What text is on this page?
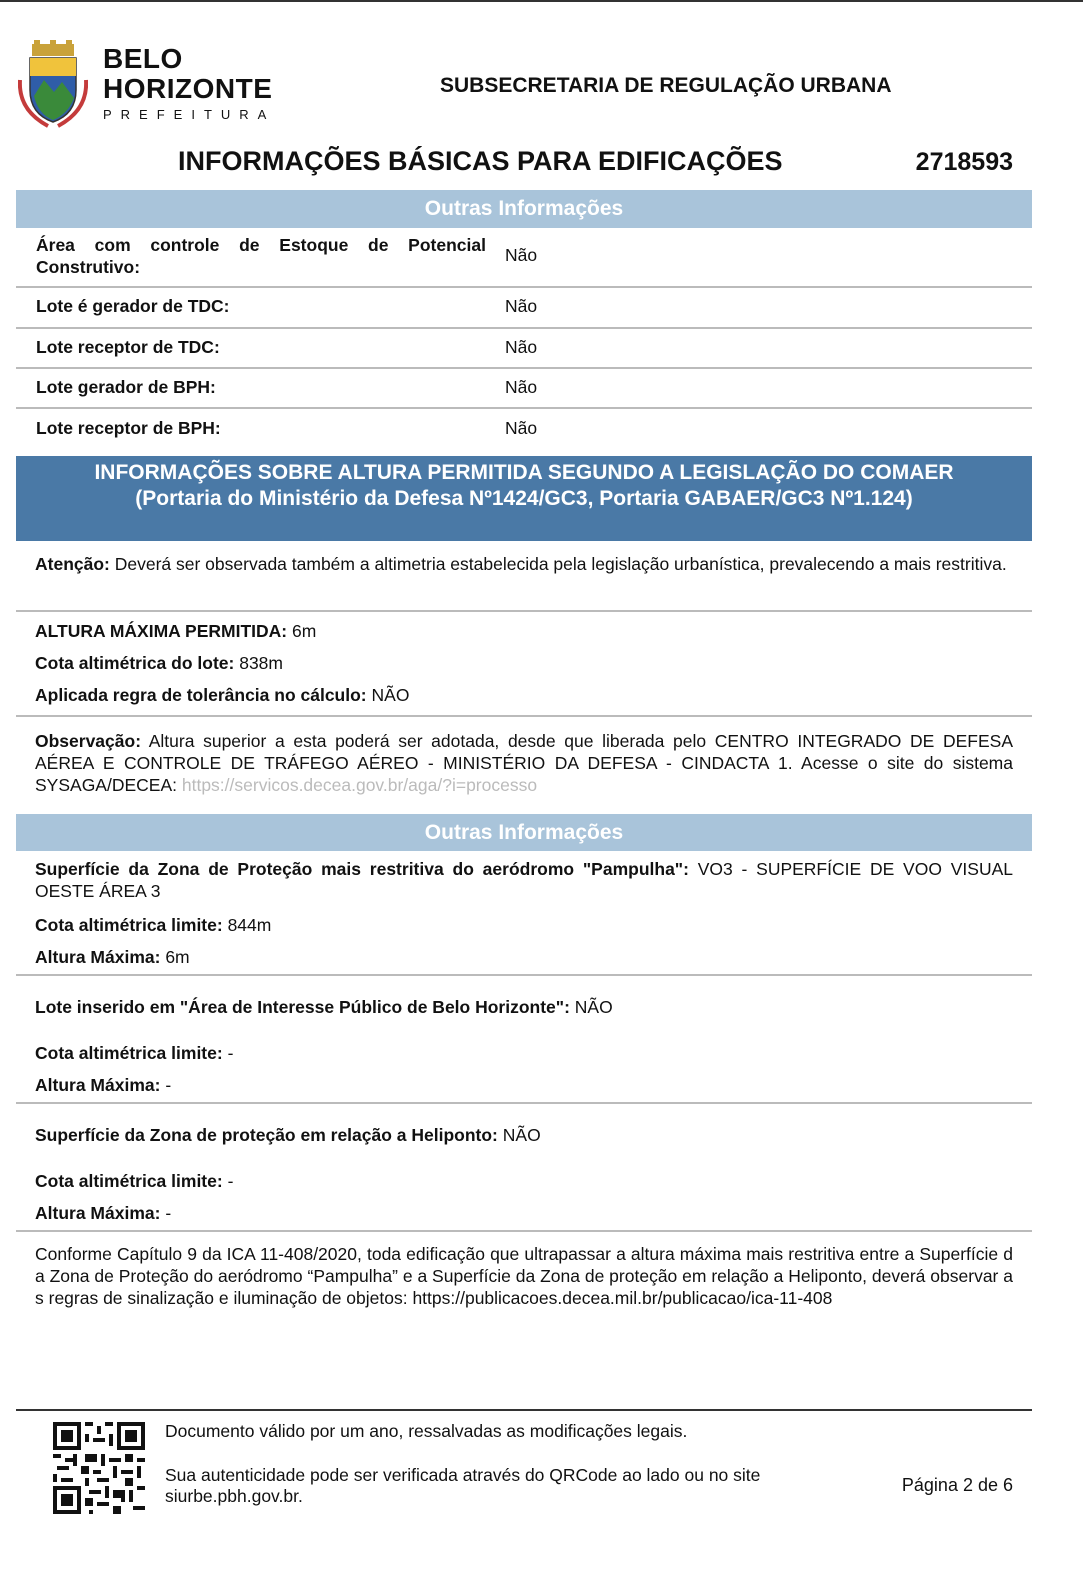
BELO
HORIZONTE
PREFEITURA
SUBSECRETARIA DE REGULAÇÃO URBANA
INFORMAÇÕES BÁSICAS PARA EDIFICAÇÕES	2718593
Outras Informações
Área com controle de Estoque de Potencial Construtivo:
Não
Lote é gerador de TDC:	Não
Lote receptor de TDC:	Não
Lote gerador de BPH:	Não
Lote receptor de BPH:	Não
INFORMAÇÕES SOBRE ALTURA PERMITIDA SEGUNDO A LEGISLAÇÃO DO COMAER
(Portaria do Ministério da Defesa Nº1424/GC3, Portaria GABAER/GC3 Nº1.124)
Atenção: Deverá ser observada também a altimetria estabelecida pela legislação urbanística, prevalecendo a mais restritiva.
ALTURA MÁXIMA PERMITIDA: 6m
Cota altimétrica do lote: 838m
Aplicada regra de tolerância no cálculo: NÃO
Observação: Altura superior a esta poderá ser adotada, desde que liberada pelo CENTRO INTEGRADO DE DEFESA AÉREA E CONTROLE DE TRÁFEGO AÉREO - MINISTÉRIO DA DEFESA - CINDACTA 1. Acesse o site do sistema SYSAGA/DECEA: https://servicos.decea.gov.br/aga/?i=processo
Outras Informações
Superfície da Zona de Proteção mais restritiva do aeródromo "Pampulha": VO3 - SUPERFÍCIE DE VOO VISUAL OESTE ÁREA 3
Cota altimétrica limite: 844m
Altura Máxima: 6m
Lote inserido em "Área de Interesse Público de Belo Horizonte": NÃO
Cota altimétrica limite: -
Altura Máxima: -
Superfície da Zona de proteção em relação a Heliponto: NÃO
Cota altimétrica limite: -
Altura Máxima: -
Conforme Capítulo 9 da ICA 11-408/2020, toda edificação que ultrapassar a altura máxima mais restritiva entre a Superfície da Zona de Proteção do aeródromo “Pampulha” e a Superfície da Zona de proteção em relação a Heliponto, deverá observar as regras de sinalização e iluminação de objetos: https://publicacoes.decea.mil.br/publicacao/ica-11-408
Documento válido por um ano, ressalvadas as modificações legais.
Sua autenticidade pode ser verificada através do QRCode ao lado ou no site
siurbe.pbh.gov.br.
Página 2 de 6
